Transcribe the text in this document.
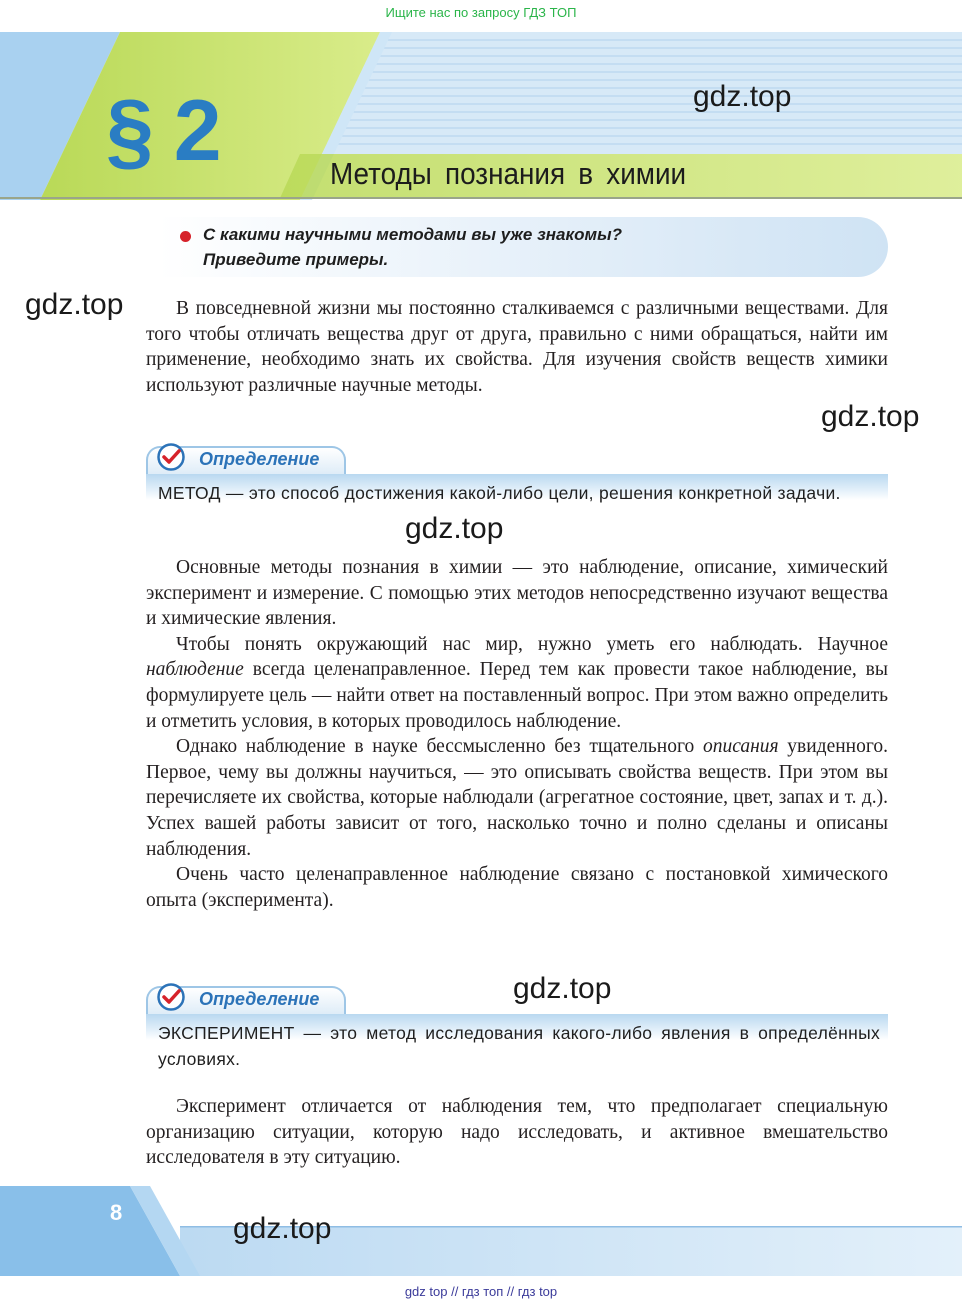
Ищите нас по запросу ГДЗ ТОП
§ 2	Методы познания в химии
С какими научными методами вы уже знакомы?
Приведите примеры.

В повседневной жизни мы постоянно сталкиваемся с различными веществами. Для того чтобы отличать вещества друг от друга, правильно с ними обращаться, найти им применение, необходимо знать их свойства. Для изучения свойств веществ химики используют различные научные методы.

Определение
МЕТОД — это способ достижения какой-либо цели, решения конкретной задачи.

Основные методы познания в химии — это наблюдение, описание, химический эксперимент и измерение. С помощью этих методов непосредственно изучают вещества и химические явления.

Чтобы понять окружающий нас мир, нужно уметь его наблюдать. Научное наблюдение всегда целенаправленное. Перед тем как провести такое наблюдение, вы формулируете цель — найти ответ на поставленный вопрос. При этом важно определить и отметить условия, в которых проводилось наблюдение.

Однако наблюдение в науке бессмысленно без тщательного описания увиденного. Первое, чему вы должны научиться, — это описывать свойства веществ. При этом вы перечисляете их свойства, которые наблюдали (агрегатное состояние, цвет, запах и т. д.). Успех вашей работы зависит от того, насколько точно и полно сделаны и описаны наблюдения.

Очень часто целенаправленное наблюдение связано с постановкой химического опыта (эксперимента).

Определение
ЭКСПЕРИМЕНТ — это метод исследования какого-либо явления в определённых условиях.

Эксперимент отличается от наблюдения тем, что предполагает специальную организацию ситуации, которую надо исследовать, и активное вмешательство исследователя в эту ситуацию.

8
gdz top // гдз топ // гдз top
gdz.top
gdz.top
gdz.top
gdz.top
gdz.top
gdz.top
